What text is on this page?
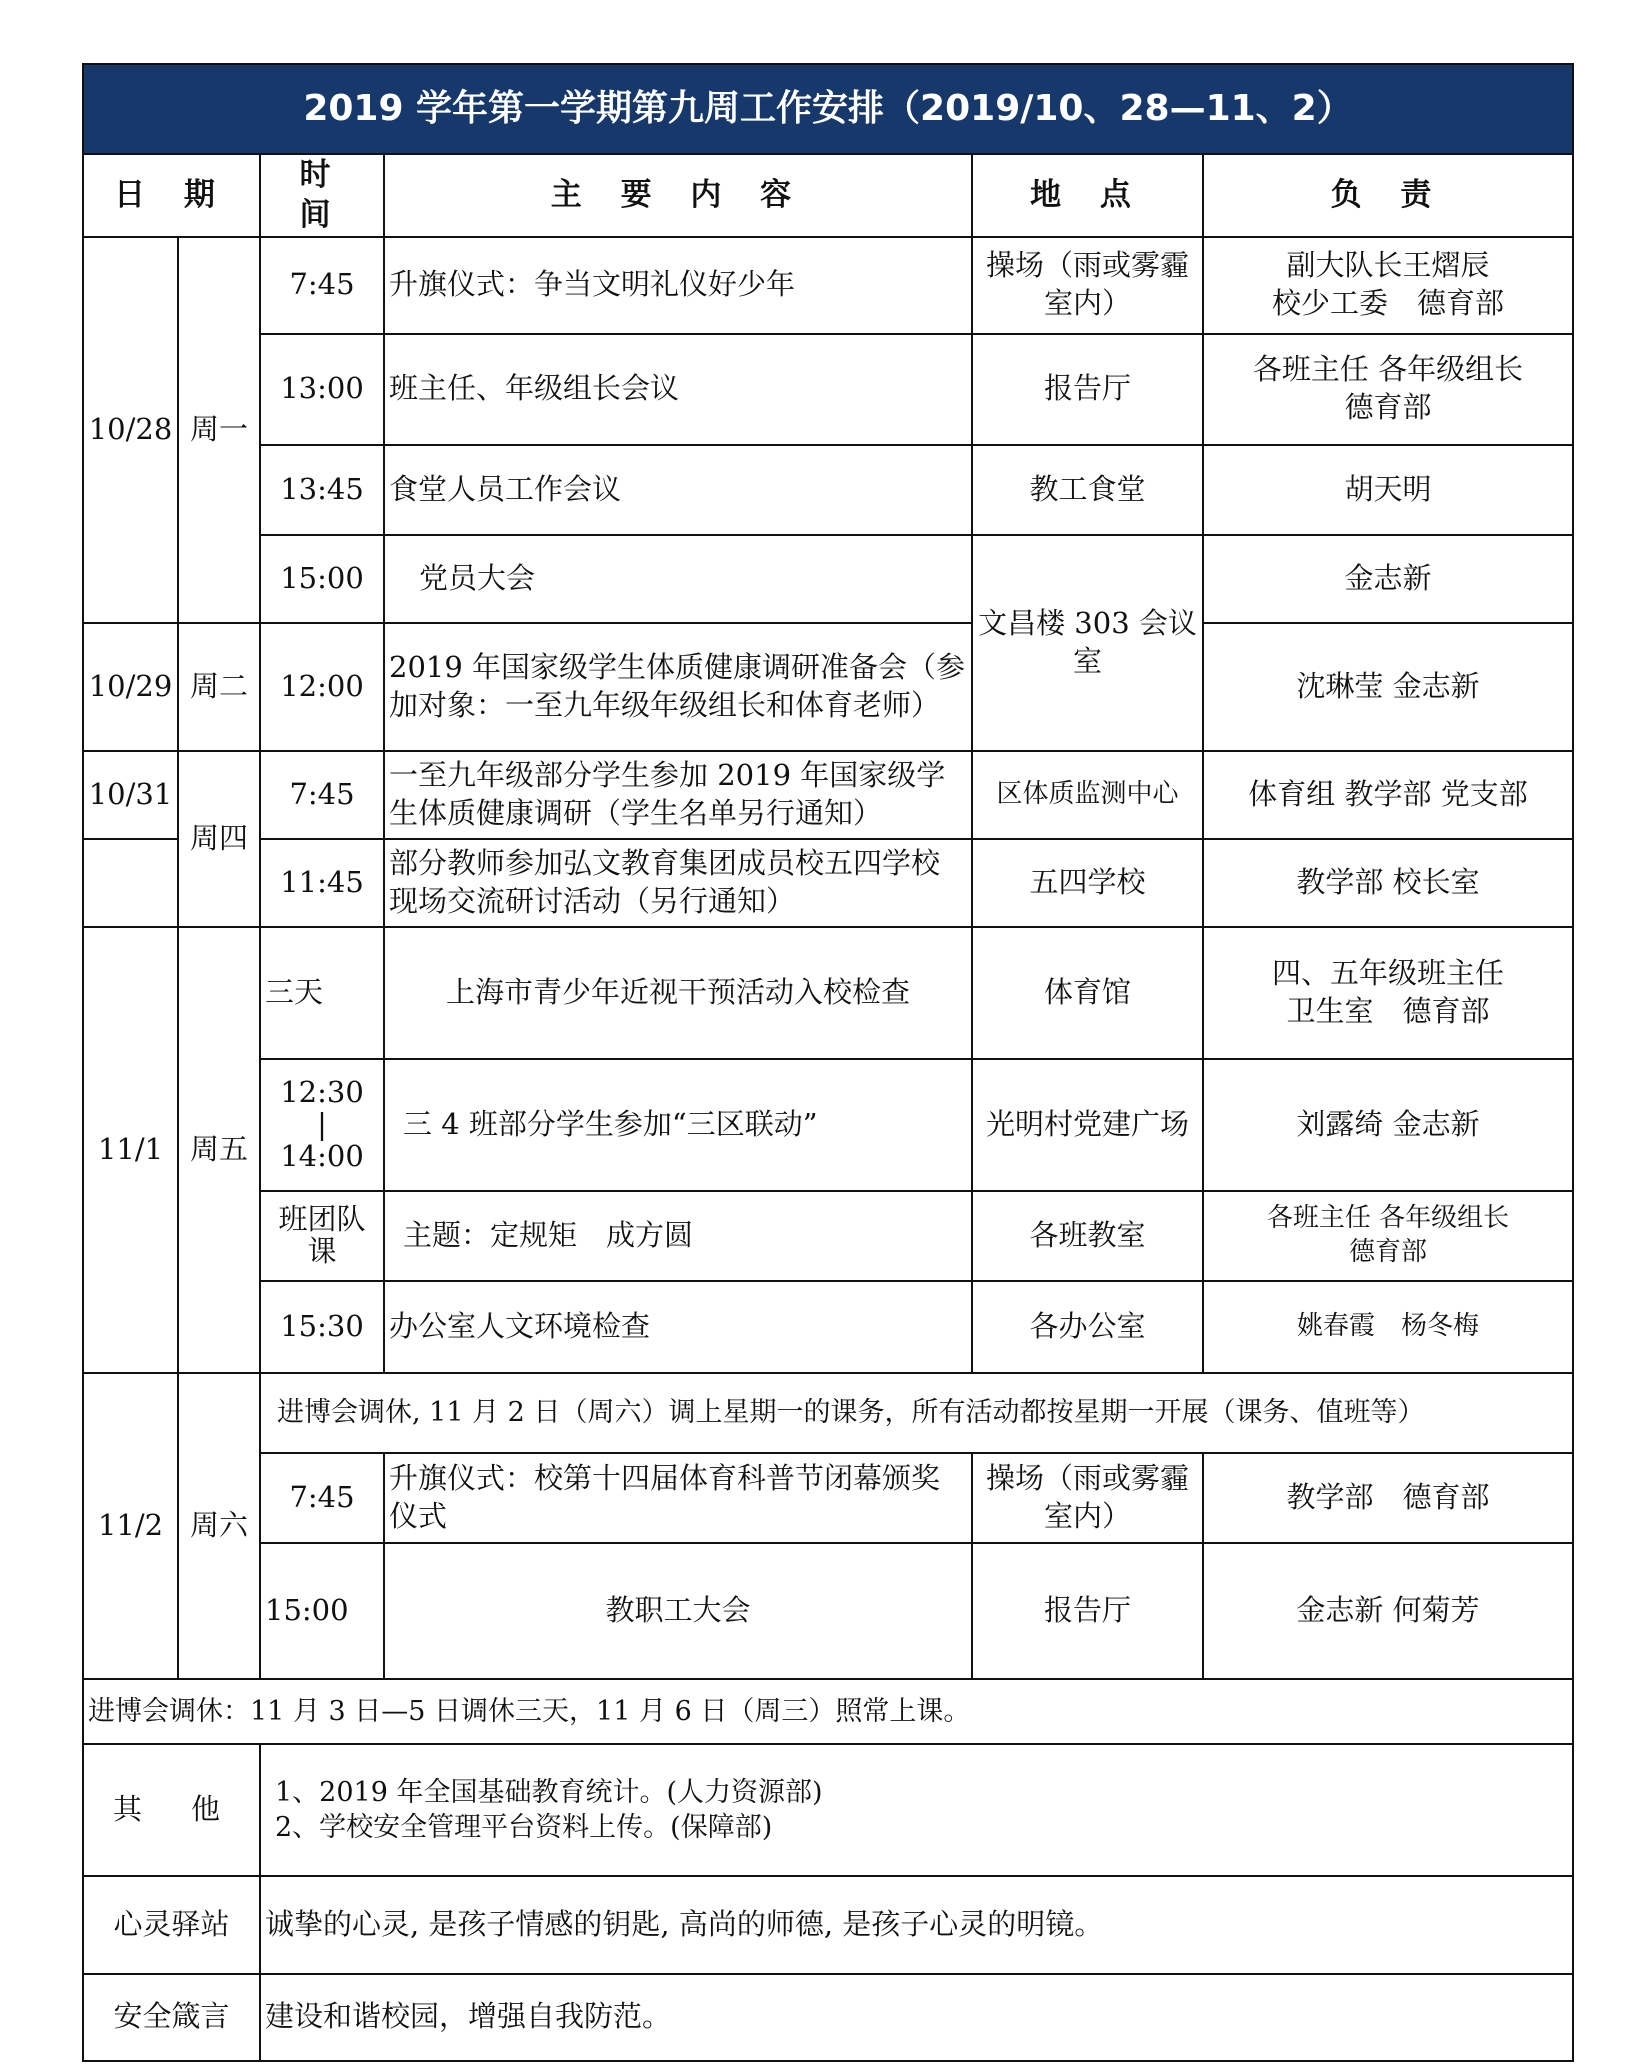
2019 学年第一学期第九周工作安排（2019/10、28—11、2）					
日 期		时 间	主 要 内 容	地 点	负 责
10/28	周一	7:45	升旗仪式：争当文明礼仪好少年	操场（雨或雾霾室内）	副大队长王熠辰
校少工委　德育部

		13:00	班主任、年级组长会议	报告厅	各班主任 各年级组长
德育部

		13:45	食堂人员工作会议	教工食堂	胡天明
		15:00	党员大会	文昌楼 303 会议室	金志新
10/29	周二	12:00	2019 年国家级学生体质健康调研准备会（参加对象：一至九年级年级组长和体育老师）		沈琳莹 金志新
10/31	周四	7:45	一至九年级部分学生参加 2019 年国家级学生体质健康调研（学生名单另行通知）	区体质监测中心	体育组 教学部 党支部
		11:45	部分教师参加弘文教育集团成员校五四学校现场交流研讨活动（另行通知）	五四学校	教学部 校长室
11/1	周五	三天	上海市青少年近视干预活动入校检查	体育馆	四、五年级班主任
卫生室　德育部

		12:30
|
14:00	三 4 班部分学生参加“三区联动”	光明村党建广场	刘露绮 金志新
		班团队课	主题：定规矩　成方圆	各班教室	各班主任 各年级组长
德育部

		15:30	办公室人文环境检查	各办公室	姚春霞　杨冬梅
11/2	周六	进博会调休, 11 月 2 日（周六）调上星期一的课务，所有活动都按星期一开展（课务、值班等）			
		7:45	升旗仪式：校第十四届体育科普节闭幕颁奖仪式	操场（雨或雾霾室内）	教学部　德育部
		15:00	教职工大会	报告厅	金志新 何菊芳
进博会调休：11 月 3 日—5 日调休三天，11 月 6 日（周三）照常上课。					
其　他		1、2019 年全国基础教育统计。(人力资源部)
2、学校安全管理平台资料上传。(保障部)			

心灵驿站		诚挚的心灵, 是孩子情感的钥匙, 高尚的师德, 是孩子心灵的明镜。			
安全箴言		建设和谐校园，增强自我防范。			
